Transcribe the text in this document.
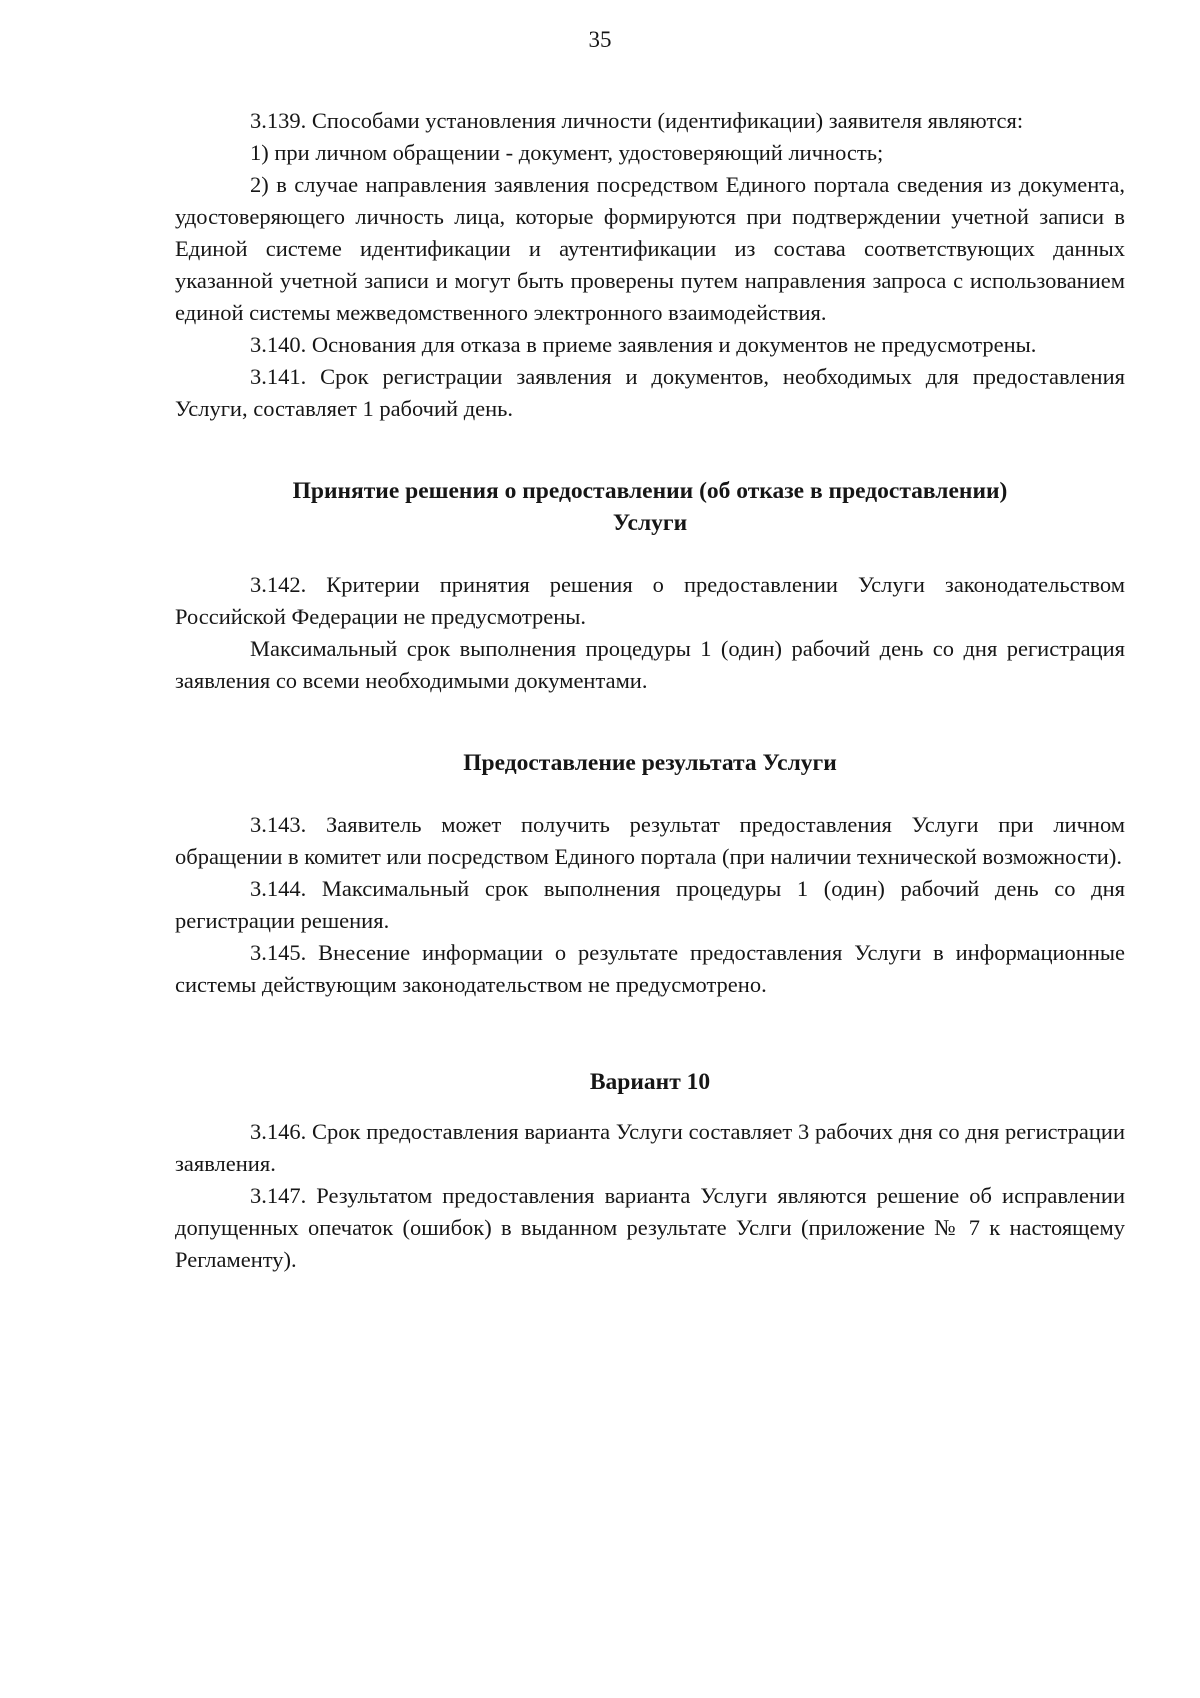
35

3.139. Способами установления личности (идентификации) заявителя являются:

1) при личном обращении - документ, удостоверяющий личность;

2) в случае направления заявления посредством Единого портала сведения из документа, удостоверяющего личность лица, которые формируются при подтверждении учетной записи в Единой системе идентификации и аутентификации из состава соответствующих данных указанной учетной записи и могут быть проверены путем направления запроса с использованием единой системы межведомственного электронного взаимодействия.

3.140. Основания для отказа в приеме заявления и документов не предусмотрены.

3.141. Срок регистрации заявления и документов, необходимых для предоставления Услуги, составляет 1 рабочий день.

Принятие решения о предоставлении (об отказе в предоставлении)

Услуги

3.142. Критерии принятия решения о предоставлении Услуги законодательством Российской Федерации не предусмотрены.

Максимальный срок выполнения процедуры 1 (один) рабочий день со дня регистрация заявления со всеми необходимыми документами.

Предоставление результата Услуги

3.143. Заявитель может получить результат предоставления Услуги при личном обращении в комитет или посредством Единого портала (при наличии технической возможности).

3.144. Максимальный срок выполнения процедуры 1 (один) рабочий день со дня регистрации решения.

3.145. Внесение информации о результате предоставления Услуги в информационные системы действующим законодательством не предусмотрено.

Вариант 10

3.146. Срок предоставления варианта Услуги составляет 3 рабочих дня со дня регистрации заявления.

3.147. Результатом предоставления варианта Услуги являются решение об исправлении допущенных опечаток (ошибок) в выданном результате Услги (приложение № 7 к настоящему Регламенту).
